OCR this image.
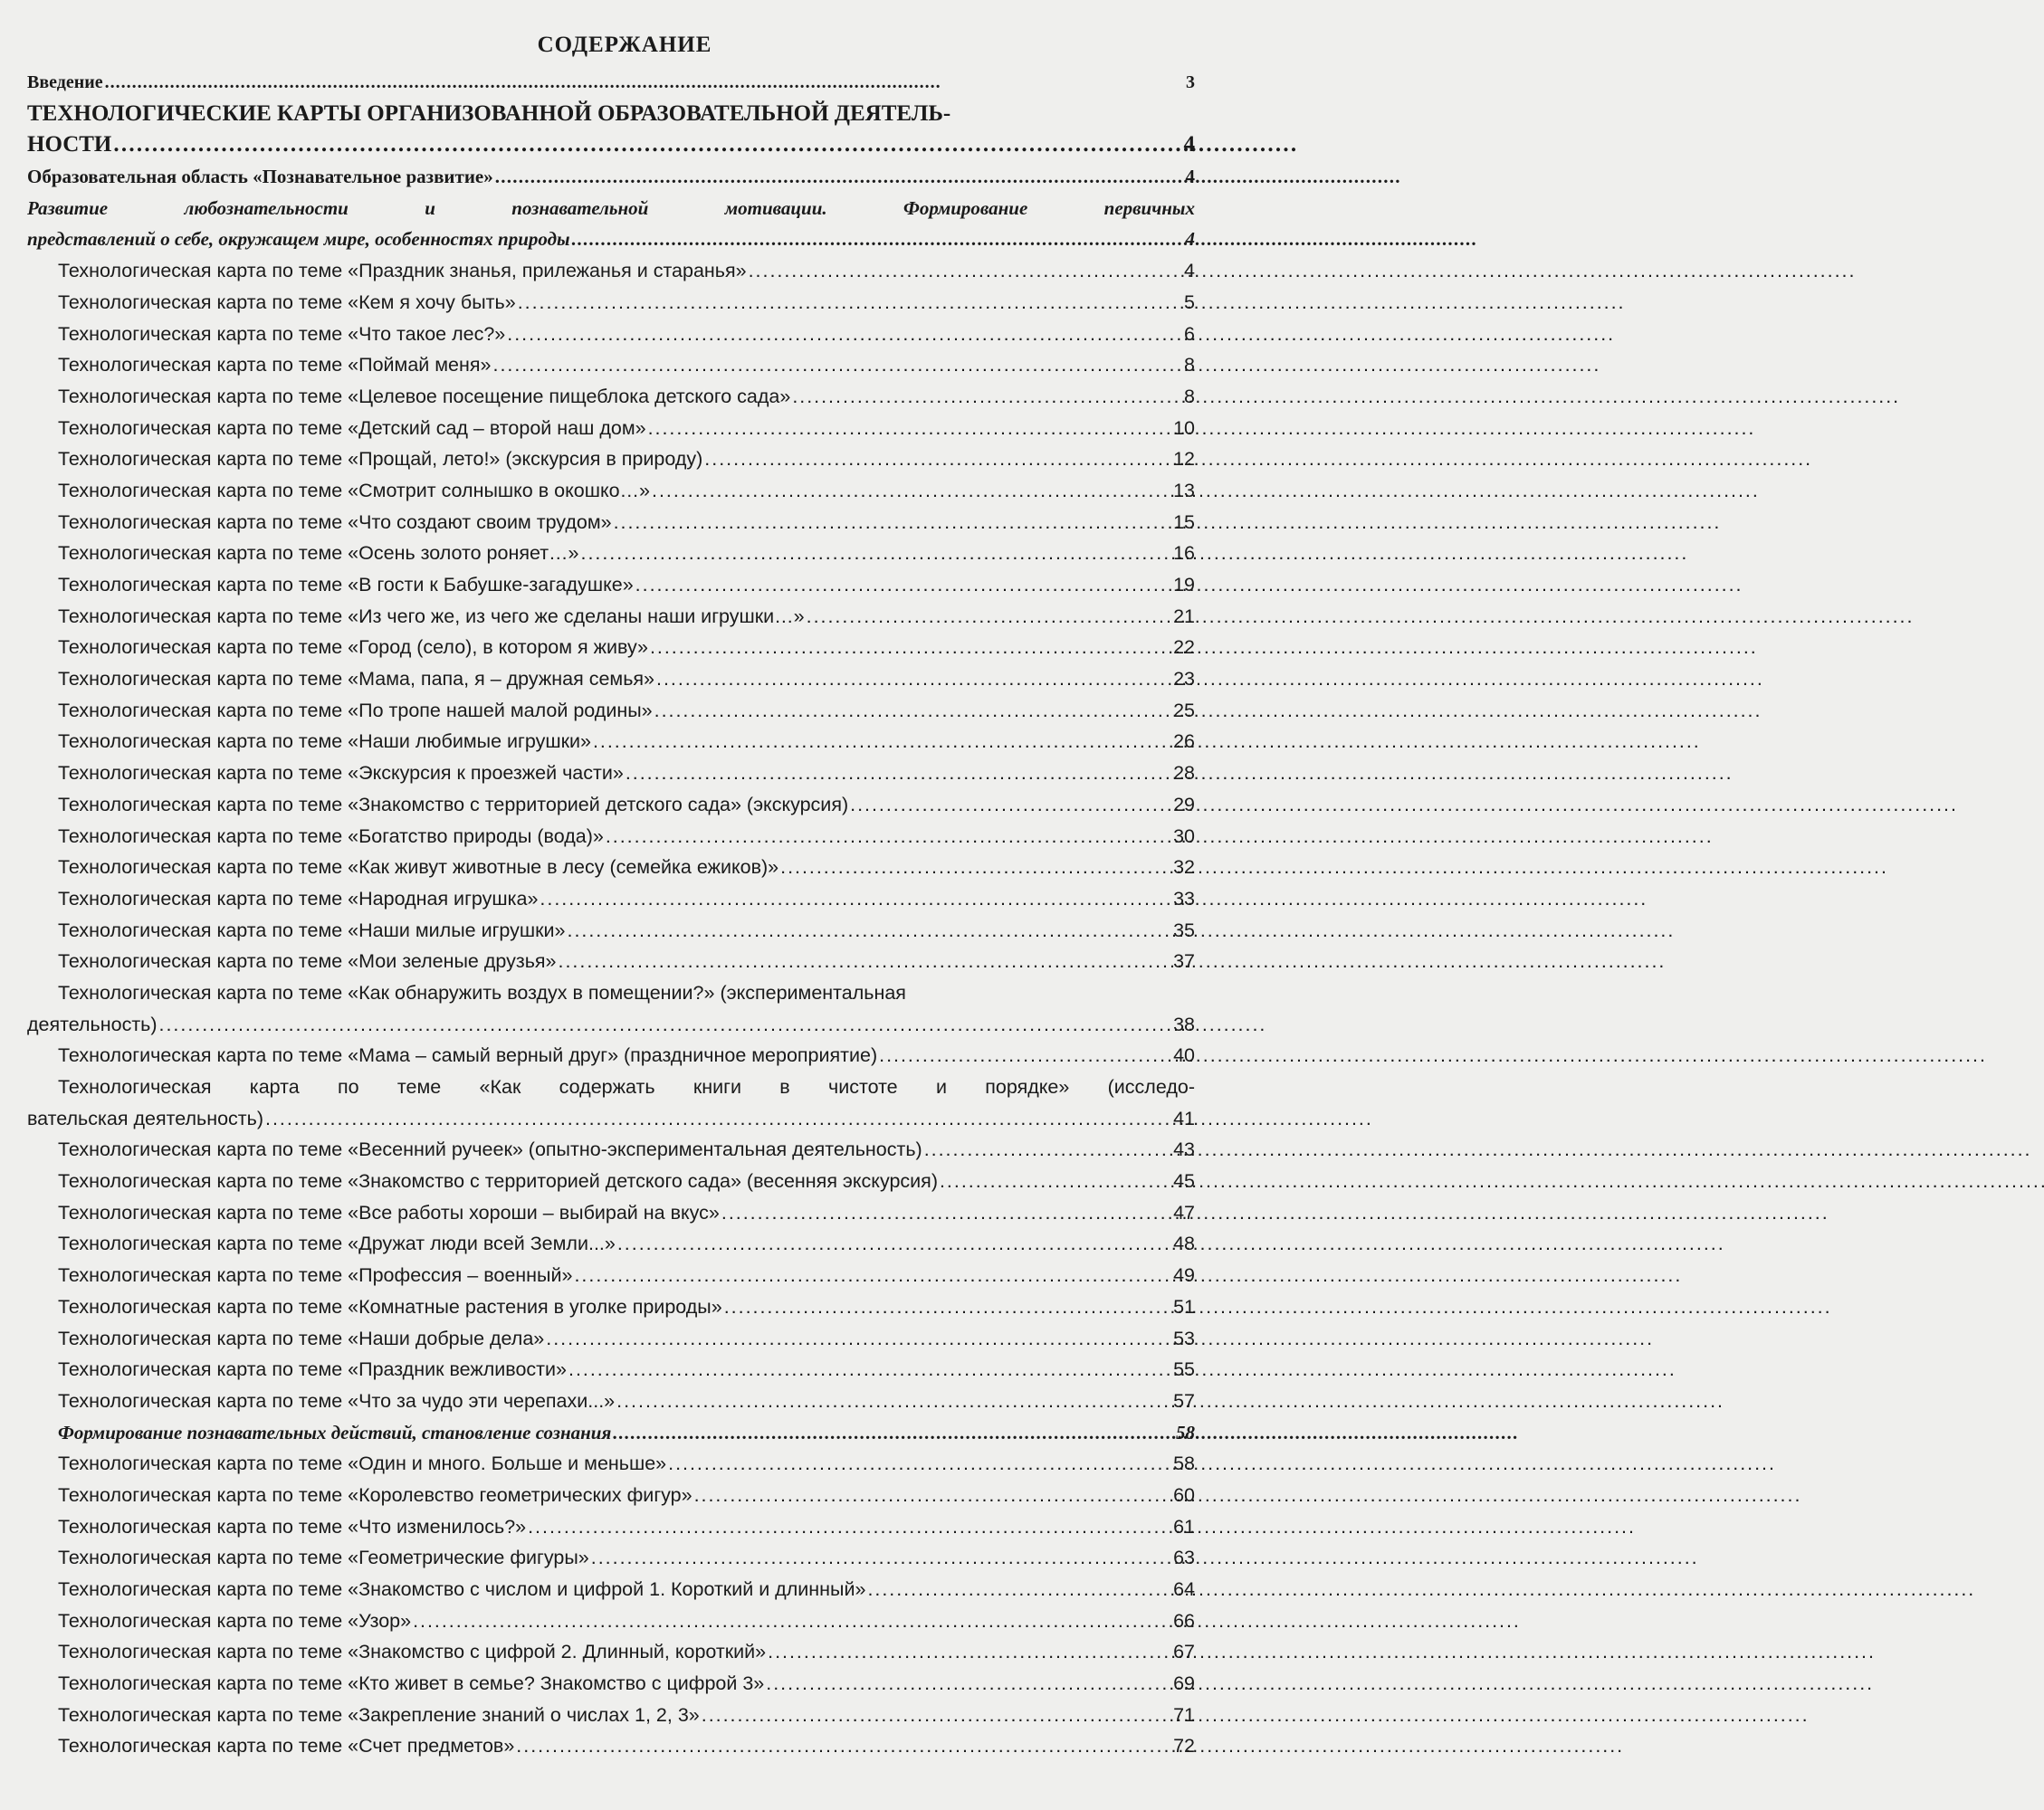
СОДЕРЖАНИЕ
Введение . . .	3
ТЕХНОЛОГИЧЕСКИЕ КАРТЫ ОРГАНИЗОВАННОЙ ОБРАЗОВАТЕЛЬНОЙ ДЕЯТЕЛЬ-
НОСТИ . . .	4
Образовательная область «Познавательное развитие» . . .	4
Развитие любознательности и познавательной мотивации. Формирование первичных
представлений о себе, окружащем мире, особенностях природы . . .	4
Технологическая карта по теме «Праздник знанья, прилежанья и старанья» . . .	4
Технологическая карта по теме «Кем я хочу быть» . . .	5
Технологическая карта по теме «Что такое лес?» . . .	6
Технологическая карта по теме «Поймай меня» . . .	8
Технологическая карта по теме «Целевое посещение пищеблока детского сада» . . .	8
Технологическая карта по теме «Детский сад – второй наш дом» . . .	10
Технологическая карта по теме «Прощай, лето!» (экскурсия в природу) . . .	12
Технологическая карта по теме «Смотрит солнышко в окошко…» . . .	13
Технологическая карта по теме «Что создают своим трудом» . . .	15
Технологическая карта по теме «Осень золото роняет…» . . .	16
Технологическая карта по теме «В гости к Бабушке-загадушке» . . .	19
Технологическая карта по теме «Из чего же, из чего же сделаны наши игрушки…» . . .	21
Технологическая карта по теме «Город (село), в котором я живу» . . .	22
Технологическая карта по теме «Мама, папа, я – дружная семья» . . .	23
Технологическая карта по теме «По тропе нашей малой родины» . . .	25
Технологическая карта по теме «Наши любимые игрушки» . . .	26
Технологическая карта по теме «Экскурсия к проезжей части» . . .	28
Технологическая карта по теме «Знакомство с территорией детского сада» (экскурсия) . . .	29
Технологическая карта по теме «Богатство природы (вода)» . . .	30
Технологическая карта по теме «Как живут животные в лесу (семейка ежиков)» . . .	32
Технологическая карта по теме «Народная игрушка» . . .	33
Технологическая карта по теме «Наши милые игрушки» . . .	35
Технологическая карта по теме «Мои зеленые друзья» . . .	37
Технологическая карта по теме «Как обнаружить воздух в помещении?» (экспериментальная
деятельность) . . .	38
Технологическая карта по теме «Мама – самый верный друг» (праздничное мероприятие) . . .	40
Технологическая карта по теме «Как содержать книги в чистоте и порядке» (исследо-
вательская деятельность) . . .	41
Технологическая карта по теме «Весенний ручеек» (опытно-экспериментальная деятельность) . . .	43
Технологическая карта по теме «Знакомство с территорией детского сада» (весенняя экскурсия) . . .	45
Технологическая карта по теме «Все работы хороши – выбирай на вкус» . . .	47
Технологическая карта по теме «Дружат люди всей Земли...» . . .	48
Технологическая карта по теме «Профессия – военный» . . .	49
Технологическая карта по теме «Комнатные растения в уголке природы» . . .	51
Технологическая карта по теме «Наши добрые дела» . . .	53
Технологическая карта по теме «Праздник вежливости» . . .	55
Технологическая карта по теме «Что за чудо эти черепахи...» . . .	57
Формирование познавательных действий, становление сознания . . .	58
Технологическая карта по теме «Один и много. Больше и меньше» . . .	58
Технологическая карта по теме «Королевство геометрических фигур» . . .	60
Технологическая карта по теме «Что изменилось?» . . .	61
Технологическая карта по теме «Геометрические фигуры» . . .	63
Технологическая карта по теме «Знакомство с числом и цифрой 1. Короткий и длинный» . . .	64
Технологическая карта по теме «Узор» . . .	66
Технологическая карта по теме «Знакомство с цифрой 2. Длинный, короткий» . . .	67
Технологическая карта по теме «Кто живет в семье? Знакомство с цифрой 3» . . .	69
Технологическая карта по теме «Закрепление знаний о числах 1, 2, 3» . . .	71
Технологическая карта по теме «Счет предметов» . . .	72
